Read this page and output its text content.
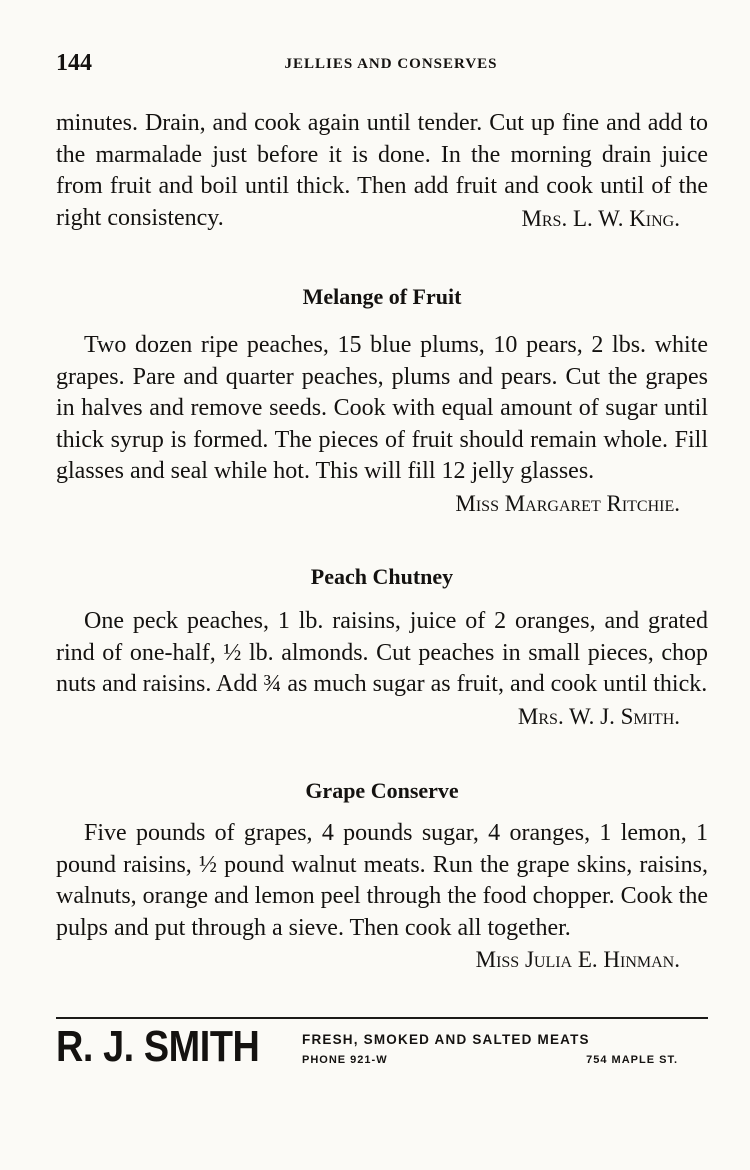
144	JELLIES AND CONSERVES

minutes. Drain, and cook again until tender. Cut up fine and add to the marmalade just before it is done. In the morning drain juice from fruit and boil until thick. Then add fruit and cook until of the right consistency.	Mrs. L. W. King.

Melange of Fruit

Two dozen ripe peaches, 15 blue plums, 10 pears, 2 lbs. white grapes. Pare and quarter peaches, plums and pears. Cut the grapes in halves and remove seeds. Cook with equal amount of sugar until thick syrup is formed. The pieces of fruit should remain whole. Fill glasses and seal while hot. This will fill 12 jelly glasses.
Miss Margaret Ritchie.

Peach Chutney

One peck peaches, 1 lb. raisins, juice of 2 oranges, and grated rind of one-half, ½ lb. almonds. Cut peaches in small pieces, chop nuts and raisins. Add ¾ as much sugar as fruit, and cook until thick.

Mrs. W. J. Smith.
Grape Conserve

Five pounds of grapes, 4 pounds sugar, 4 oranges, 1 lemon, 1 pound raisins, ½ pound walnut meats. Run the grape skins, raisins, walnuts, orange and lemon peel through the food chopper. Cook the pulps and put through a sieve. Then cook all together.

Miss Julia E. Hinman.
R. J. SMITH	FRESH, SMOKED AND SALTED MEATS
PHONE 921-W	754 MAPLE ST.
